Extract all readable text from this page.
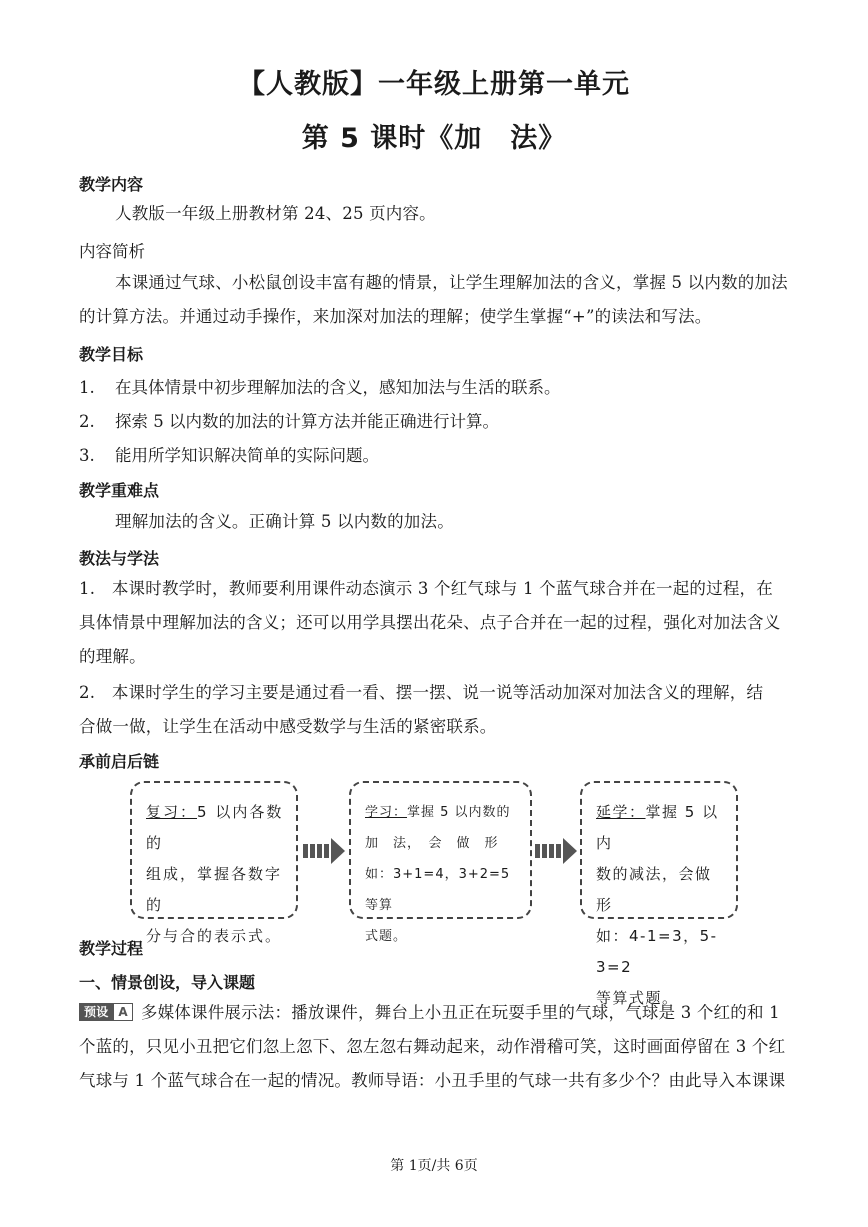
【人教版】一年级上册第一单元
第 5 课时《加　法》
教学内容
人教版一年级上册教材第 24、25 页内容。
内容简析
本课通过气球、小松鼠创设丰富有趣的情景，让学生理解加法的含义，掌握 5 以内数的加法
的计算方法。并通过动手操作，来加深对加法的理解；使学生掌握“+”的读法和写法。
教学目标
1. 在具体情景中初步理解加法的含义，感知加法与生活的联系。
2. 探索 5 以内数的加法的计算方法并能正确进行计算。
3. 能用所学知识解决简单的实际问题。
教学重难点
理解加法的含义。正确计算 5 以内数的加法。
教法与学法
1.　本课时教学时，教师要利用课件动态演示 3 个红气球与 1 个蓝气球合并在一起的过程，在
具体情景中理解加法的含义；还可以用学具摆出花朵、点子合并在一起的过程，强化对加法含义
的理解。
2.　本课时学生的学习主要是通过看一看、摆一摆、说一说等活动加深对加法含义的理解，结
合做一做，让学生在活动中感受数学与生活的紧密联系。
承前启后链
复习：5 以内各数的
组成，掌握各数字的
分与合的表示式。
学习：掌握 5 以内数的
加　法，　会　做　形
如：3+1=4，3+2=5 等算
式题。
延学：掌握 5 以内
数的减法，会做形
如：4-1=3，5-3=2
等算式题。
教学过程
一、情景创设，导入课题
预设 A 多媒体课件展示法：播放课件，舞台上小丑正在玩耍手里的气球，气球是 3 个红的和 1
个蓝的，只见小丑把它们忽上忽下、忽左忽右舞动起来，动作滑稽可笑，这时画面停留在 3 个红
气球与 1 个蓝气球合在一起的情况。教师导语：小丑手里的气球一共有多少个？由此导入本课课
第 1页/共 6页
